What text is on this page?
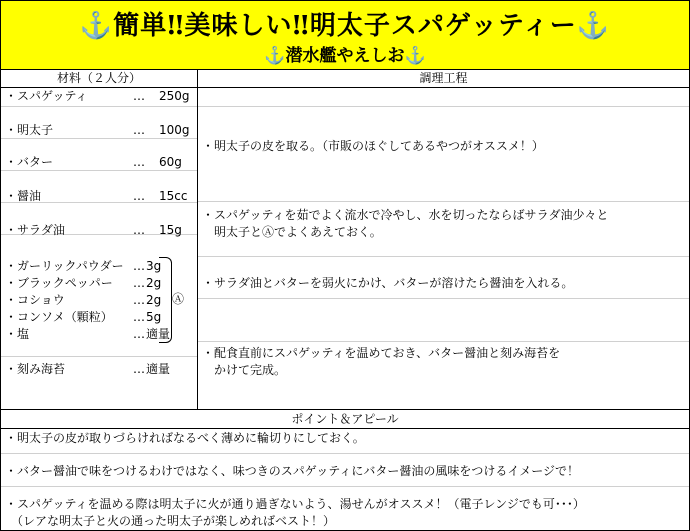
⚓簡単‼美味しい‼明太子スパゲッティー⚓
⚓潜水艦やえしお⚓
材料（２人分）	調理工程
・スパゲッティ	… 250g
・明太子	… 100g
・バター	… 60g
・醤油	… 15cc
・サラダ油	… 15g
・ガーリックパウダー … 3g
・ブラックペッパー … 2g
・コショウ	… 2g
・コンソメ（顆粒） … 5g
・塩	… 適量
・刻み海苔	… 適量
Ⓐ
・明太子の皮を取る。（市販のほぐしてあるやつがオススメ！）
・スパゲッティを茹でよく流水で冷やし、水を切ったならばサラダ油少々と
　明太子とⒶでよくあえておく。
・サラダ油とバターを弱火にかけ、バターが溶けたら醤油を入れる。
・配食直前にスパゲッティを温めておき、バター醤油と刻み海苔を
　かけて完成。
ポイント＆アピール
・明太子の皮が取りづらければなるべく薄めに輪切りにしておく。
・バター醤油で味をつけるわけではなく、味つきのスパゲッティにバター醤油の風味をつけるイメージで！
・スパゲッティを温める際は明太子に火が通り過ぎないよう、湯せんがオススメ！（電子レンジでも可･･･）
　（レアな明太子と火の通った明太子が楽しめればベスト！）
